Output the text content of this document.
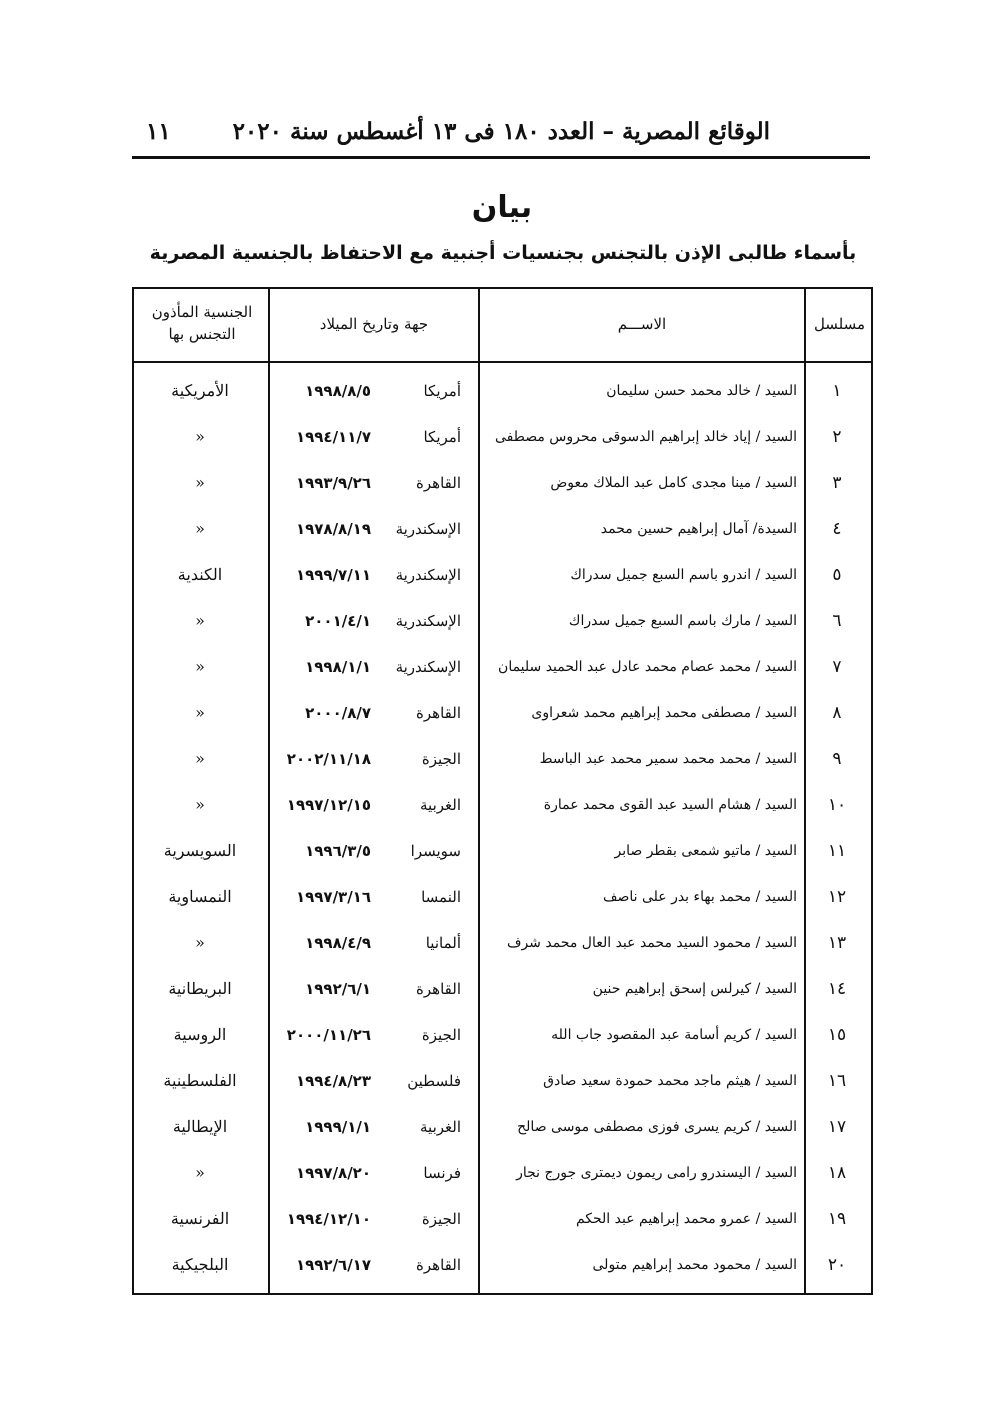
الوقائع المصرية – العدد ١٨٠ فى ١٣ أغسطس سنة ٢٠٢٠
١١
بيان
بأسماء طالبى الإذن بالتجنس بجنسيات أجنبية مع الاحتفاظ بالجنسية المصرية
مسلسل
الاســـم
جهة وتاريخ الميلاد
الجنسية المأذون التجنس بها
١
السيد / خالد محمد حسن سليمان
أمريكا
١٩٩٨/٨/٥
الأمريكية
٢
السيد / إياد خالد إبراهيم الدسوقى محروس مصطفى
أمريكا
١٩٩٤/١١/٧
«
٣
السيد / مينا مجدى كامل عبد الملاك معوض
القاهرة
١٩٩٣/٩/٢٦
«
٤
السيدة/ آمال إبراهيم حسين محمد
الإسكندرية
١٩٧٨/٨/١٩
«
٥
السيد / اندرو باسم السبع جميل سدراك
الإسكندرية
١٩٩٩/٧/١١
الكندية
٦
السيد / مارك باسم السبع جميل سدراك
الإسكندرية
٢٠٠١/٤/١
«
٧
السيد / محمد عصام محمد عادل عبد الحميد سليمان
الإسكندرية
١٩٩٨/١/١
«
٨
السيد / مصطفى محمد إبراهيم محمد شعراوى
القاهرة
٢٠٠٠/٨/٧
«
٩
السيد / محمد محمد سمير محمد عبد الباسط
الجيزة
٢٠٠٢/١١/١٨
«
١٠
السيد / هشام السيد عبد القوى محمد عمارة
الغربية
١٩٩٧/١٢/١٥
«
١١
السيد / ماتيو شمعى بقطر صابر
سويسرا
١٩٩٦/٣/٥
السويسرية
١٢
السيد / محمد بهاء بدر على ناصف
النمسا
١٩٩٧/٣/١٦
النمساوية
١٣
السيد / محمود السيد محمد عبد العال محمد شرف
ألمانيا
١٩٩٨/٤/٩
«
١٤
السيد / كيرلس إسحق إبراهيم حنين
القاهرة
١٩٩٢/٦/١
البريطانية
١٥
السيد / كريم أسامة عبد المقصود جاب الله
الجيزة
٢٠٠٠/١١/٢٦
الروسية
١٦
السيد / هيثم ماجد محمد حمودة سعيد صادق
فلسطين
١٩٩٤/٨/٢٣
الفلسطينية
١٧
السيد / كريم يسرى فوزى مصطفى موسى صالح
الغربية
١٩٩٩/١/١
الإيطالية
١٨
السيد / اليسندرو رامى ريمون ديمترى جورج نجار
فرنسا
١٩٩٧/٨/٢٠
«
١٩
السيد / عمرو محمد إبراهيم عبد الحكم
الجيزة
١٩٩٤/١٢/١٠
الفرنسية
٢٠
السيد / محمود محمد إبراهيم متولى
القاهرة
١٩٩٢/٦/١٧
البلجيكية
